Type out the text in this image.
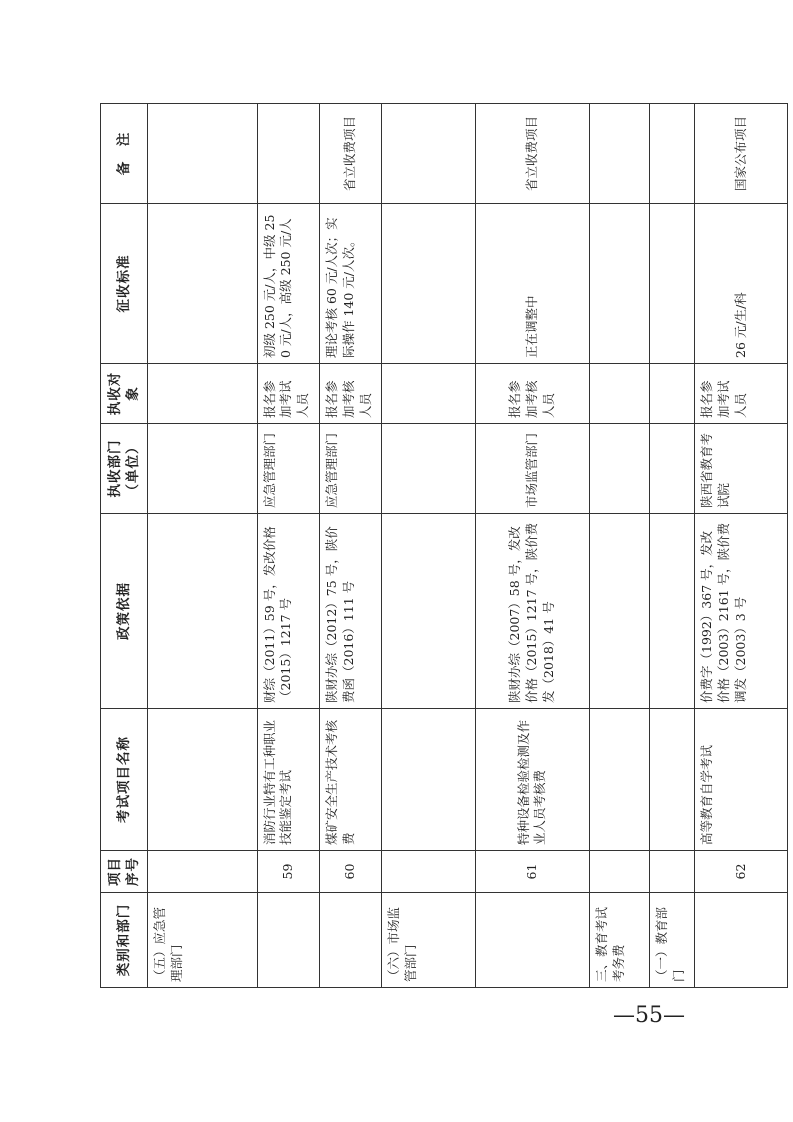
类别和部门	项目序号	考试项目名称	政策依据	执收部门 （单位）	执收对象	征收标准	备　注
（五）应急管理部门							
	59	消防行业特有工种职业技能鉴定考试	财综（2011）59 号，发改价格（2015）1217 号	应急管理部门	报名参加考试人员	初级 250 元/人，中级 250 元/人，高级 250 元/人	
	60	煤矿安全生产技术考核费	陕财办综（2012）75 号，陕价费函（2016）111 号	应急管理部门	报名参加考核人员	理论考核 60 元/人次；实际操作 140 元/人次。	省立收费项目
（六）市场监管部门							
	61	特种设备检验检测及作业人员考核费	陕财办综（2007）58 号，发改价格（2015）1217 号，陕价费发（2018）41 号	市场监管部门	报名参加考核人员	正在调整中	省立收费项目
三、教育考试考务费							
（一）教育部门							
	62	高等教育自学考试	价费字（1992）367 号，发改价格（2003）2161 号，陕价费调发（2003）3 号	陕西省教育考试院	报名参加考试人员	26 元/生/科	国家公布项目
—55—
